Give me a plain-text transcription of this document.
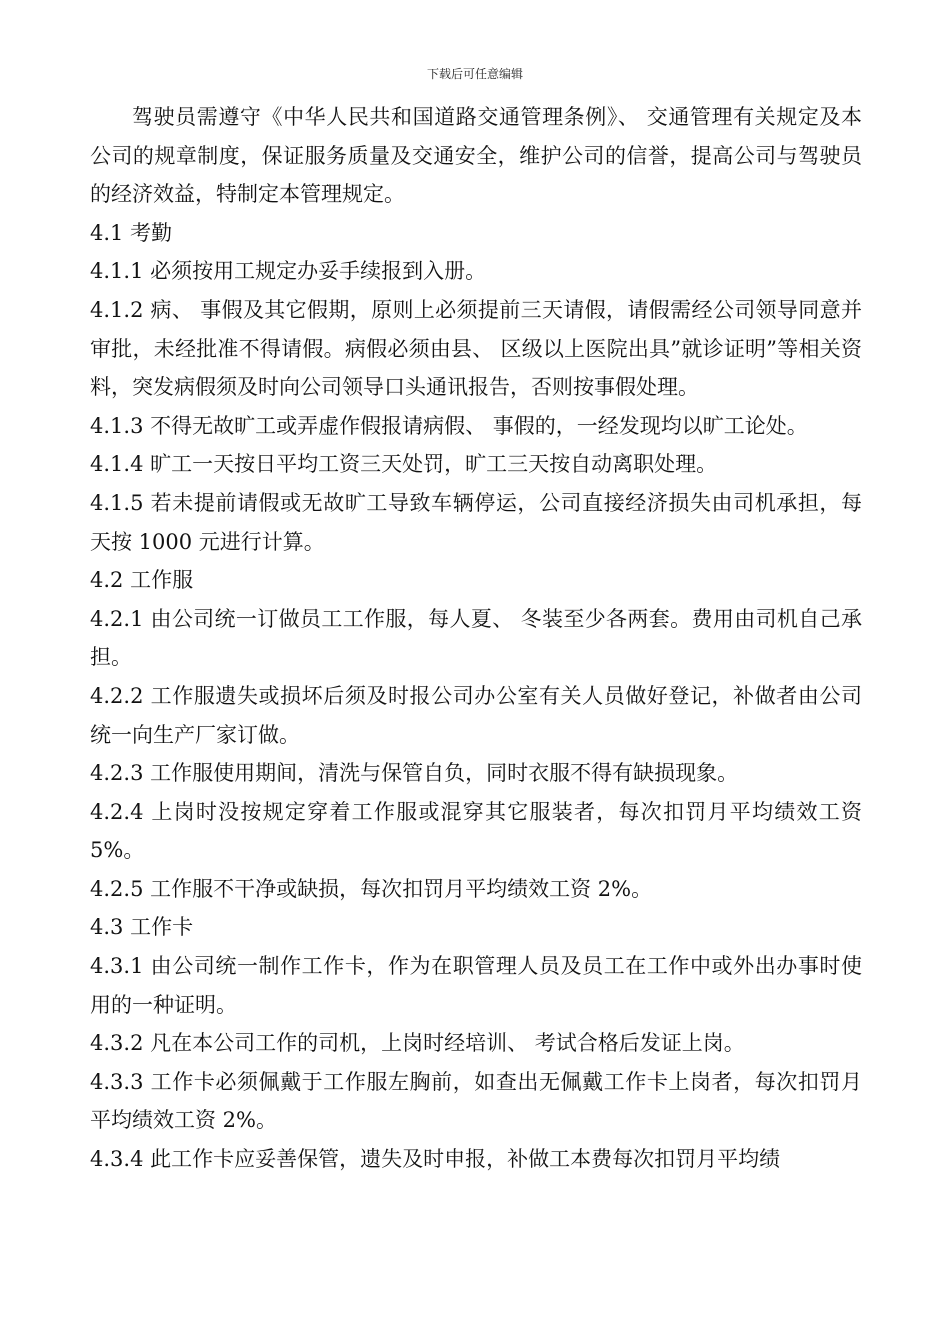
下载后可任意编辑

驾驶员需遵守《中华人民共和国道路交通管理条例》、 交通管理有关规定及本公司的规章制度，保证服务质量及交通安全，维护公司的信誉，提高公司与驾驶员的经济效益，特制定本管理规定。

4.1 考勤

4.1.1 必须按用工规定办妥手续报到入册。

4.1.2 病、 事假及其它假期，原则上必须提前三天请假，请假需经公司领导同意并审批，未经批准不得请假。病假必须由县、 区级以上医院出具”就诊证明”等相关资料，突发病假须及时向公司领导口头通讯报告，否则按事假处理。

4.1.3 不得无故旷工或弄虚作假报请病假、 事假的，一经发现均以旷工论处。

4.1.4 旷工一天按日平均工资三天处罚，旷工三天按自动离职处理。

4.1.5 若未提前请假或无故旷工导致车辆停运，公司直接经济损失由司机承担，每天按 1000 元进行计算。

4.2 工作服

4.2.1 由公司统一订做员工工作服，每人夏、 冬装至少各两套。费用由司机自己承担。

4.2.2 工作服遗失或损坏后须及时报公司办公室有关人员做好登记，补做者由公司统一向生产厂家订做。

4.2.3 工作服使用期间，清洗与保管自负，同时衣服不得有缺损现象。

4.2.4 上岗时没按规定穿着工作服或混穿其它服装者，每次扣罚月平均绩效工资 5%。

4.2.5 工作服不干净或缺损，每次扣罚月平均绩效工资 2%。

4.3 工作卡

4.3.1 由公司统一制作工作卡，作为在职管理人员及员工在工作中或外出办事时使用的一种证明。

4.3.2 凡在本公司工作的司机，上岗时经培训、 考试合格后发证上岗。

4.3.3 工作卡必须佩戴于工作服左胸前，如查出无佩戴工作卡上岗者，每次扣罚月平均绩效工资 2%。

4.3.4 此工作卡应妥善保管，遗失及时申报，补做工本费每次扣罚月平均绩
